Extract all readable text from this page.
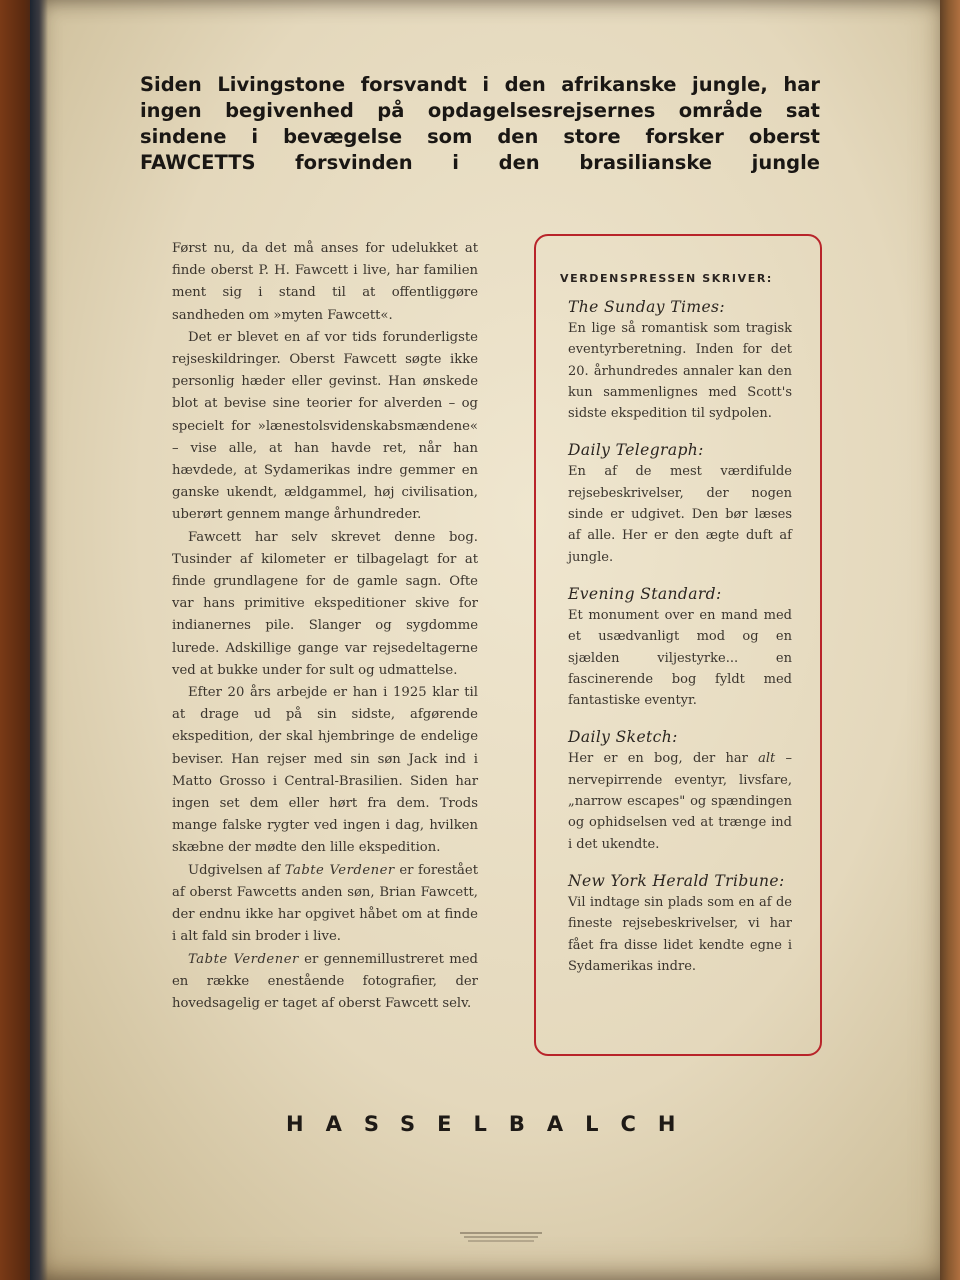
Siden Livingstone forsvandt i den afrikanske jungle, har
ingen begivenhed på opdagelsesrejsernes område sat
sindene i bevægelse som den store forsker oberst
FAWCETTS forsvinden i den brasilianske jungle

Først nu, da det må anses for udelukket at finde oberst P. H. Fawcett i live, har familien ment sig i stand til at offentliggøre sandheden om »myten Fawcett«.

Det er blevet en af vor tids forunderligste rejseskildringer. Oberst Fawcett søgte ikke personlig hæder eller gevinst. Han ønskede blot at bevise sine teorier for alverden – og specielt for »lænestolsvidenskabsmændene« – vise alle, at han havde ret, når han hævdede, at Sydamerikas indre gemmer en ganske ukendt, ældgammel, høj civilisation, uberørt gennem mange århundreder.

Fawcett har selv skrevet denne bog. Tusinder af kilometer er tilbagelagt for at finde grundlagene for de gamle sagn. Ofte var hans primitive ekspeditioner skive for indianernes pile. Slanger og sygdomme lurede. Adskillige gange var rejsedeltagerne ved at bukke under for sult og udmattelse.

Efter 20 års arbejde er han i 1925 klar til at drage ud på sin sidste, afgørende ekspedition, der skal hjembringe de endelige beviser. Han rejser med sin søn Jack ind i Matto Grosso i Central-Brasilien. Siden har ingen set dem eller hørt fra dem. Trods mange falske rygter ved ingen i dag, hvilken skæbne der mødte den lille ekspedition.

Udgivelsen af Tabte Verdener er forestået af oberst Fawcetts anden søn, Brian Fawcett, der endnu ikke har opgivet håbet om at finde i alt fald sin broder i live.

Tabte Verdener er gennemillustreret med en række enestående fotografier, der hovedsagelig er taget af oberst Fawcett selv.

VERDENSPRESSEN SKRIVER:
The Sunday Times:
En lige så romantisk som tragisk eventyrberetning. Inden for det 20. århundredes annaler kan den kun sammenlignes med Scott's sidste ekspedition til sydpolen.
Daily Telegraph:
En af de mest værdifulde rejsebeskrivelser, der nogen sinde er udgivet. Den bør læses af alle. Her er den ægte duft af jungle.
Evening Standard:
Et monument over en mand med et usædvanligt mod og en sjælden viljestyrke... en fascinerende bog fyldt med fantastiske eventyr.
Daily Sketch:
Her er en bog, der har alt – nervepirrende eventyr, livsfare, „narrow escapes" og spændingen og ophidselsen ved at trænge ind i det ukendte.
New York Herald Tribune:
Vil indtage sin plads som en af de fineste rejsebeskrivelser, vi har fået fra disse lidet kendte egne i Sydamerikas indre.
HASSELBALCH
